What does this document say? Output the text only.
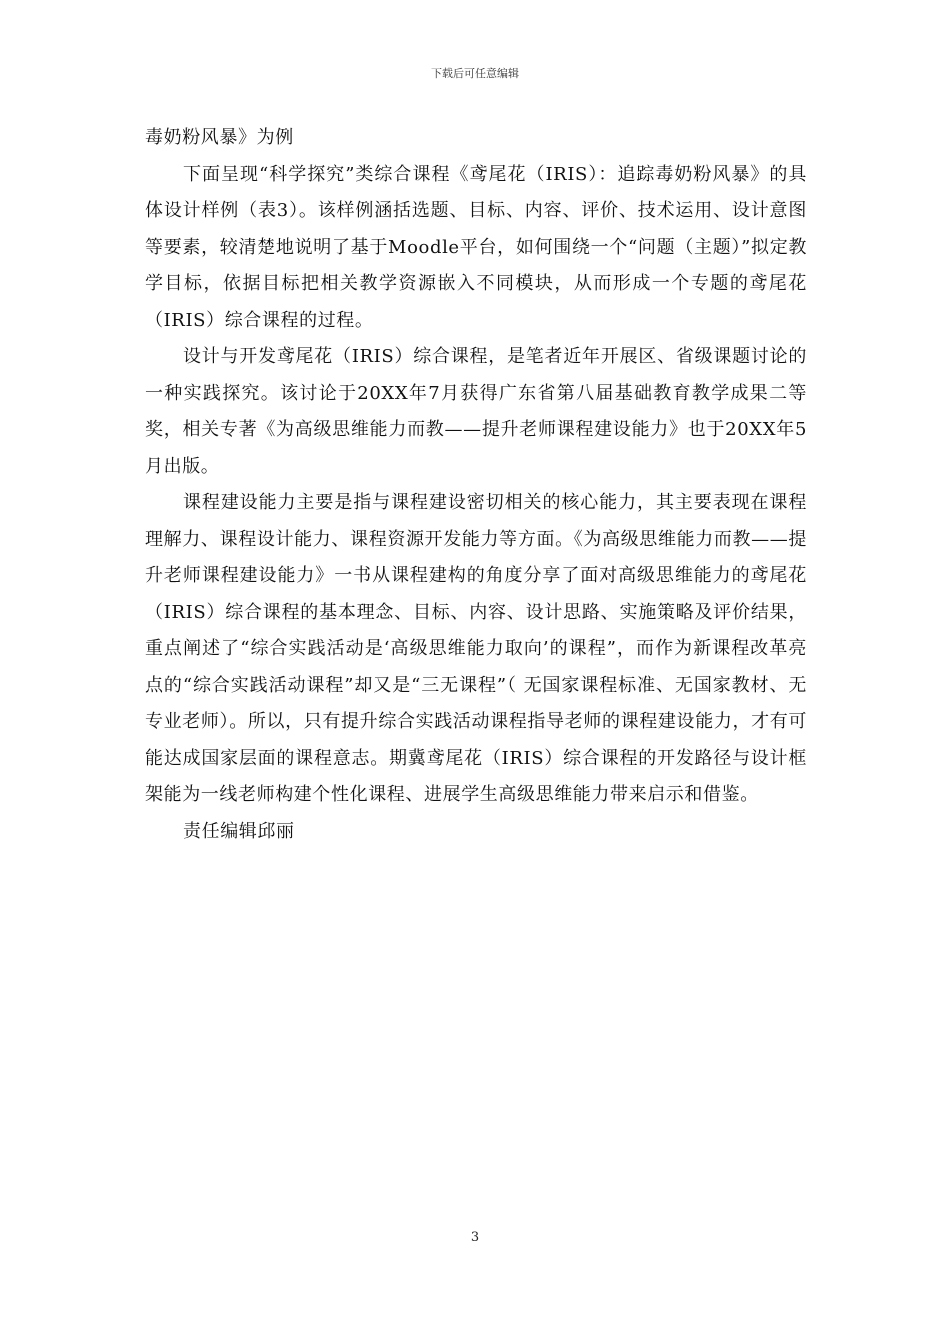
下载后可任意编辑

毒奶粉风暴》为例

下面呈现“科学探究”类综合课程《鸢尾花（IRIS）：追踪毒奶粉风暴》的具体设计样例（表3）。该样例涵括选题、目标、内容、评价、技术运用、设计意图等要素，较清楚地说明了基于Moodle平台，如何围绕一个“问题（主题）”拟定教学目标，依据目标把相关教学资源嵌入不同模块，从而形成一个专题的鸢尾花（IRIS）综合课程的过程。

设计与开发鸢尾花（IRIS）综合课程，是笔者近年开展区、省级课题讨论的一种实践探究。该讨论于20XX年7月获得广东省第八届基础教育教学成果二等奖，相关专著《为高级思维能力而教——提升老师课程建设能力》也于20XX年5月出版。

课程建设能力主要是指与课程建设密切相关的核心能力，其主要表现在课程理解力、课程设计能力、课程资源开发能力等方面。《为高级思维能力而教——提升老师课程建设能力》一书从课程建构的角度分享了面对高级思维能力的鸢尾花（IRIS）综合课程的基本理念、目标、内容、设计思路、实施策略及评价结果，重点阐述了“综合实践活动是‘高级思维能力取向’的课程”，而作为新课程改革亮点的“综合实践活动课程”却又是“三无课程”（ 无国家课程标准、无国家教材、无专业老师）。所以，只有提升综合实践活动课程指导老师的课程建设能力，才有可能达成国家层面的课程意志。期冀鸢尾花（IRIS）综合课程的开发路径与设计框架能为一线老师构建个性化课程、进展学生高级思维能力带来启示和借鉴。

责任编辑邱丽

3
